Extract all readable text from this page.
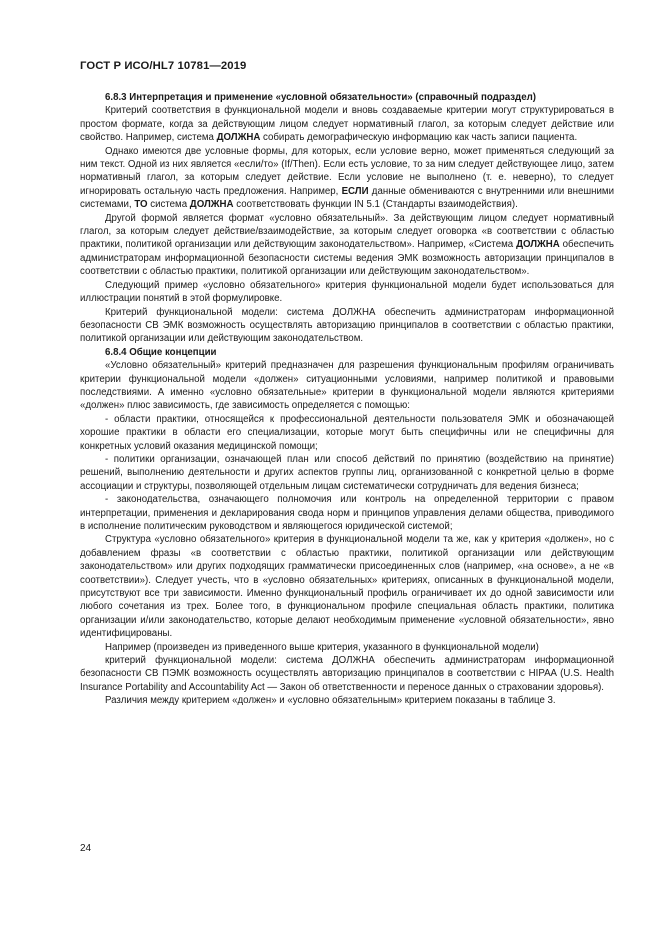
ГОСТ Р ИСО/HL7 10781—2019

6.8.3 Интерпретация и применение «условной обязательности» (справочный подраздел)

Критерий соответствия в функциональной модели и вновь создаваемые критерии могут структурироваться в простом формате, когда за действующим лицом следует нормативный глагол, за которым следует действие или свойство. Например, система ДОЛЖНА собирать демографическую информацию как часть записи пациента.

Однако имеются две условные формы, для которых, если условие верно, может применяться следующий за ним текст. Одной из них является «если/то» (If/Then). Если есть условие, то за ним следует действующее лицо, затем нормативный глагол, за которым следует действие. Если условие не выполнено (т. е. неверно), то следует игнорировать остальную часть предложения. Например, ЕСЛИ данные обмениваются с внутренними или внешними системами, ТО система ДОЛЖНА соответствовать функции IN 5.1 (Стандарты взаимодействия).

Другой формой является формат «условно обязательный». За действующим лицом следует нормативный глагол, за которым следует действие/взаимодействие, за которым следует оговорка «в соответствии с областью практики, политикой организации или действующим законодательством». Например, «Система ДОЛЖНА обеспечить администраторам информационной безопасности системы ведения ЭМК возможность авторизации принципалов в соответствии с областью практики, политикой организации или действующим законодательством».

Следующий пример «условно обязательного» критерия функциональной модели будет использоваться для иллюстрации понятий в этой формулировке.

Критерий функциональной модели: система ДОЛЖНА обеспечить администраторам информационной безопасности СВ ЭМК возможность осуществлять авторизацию принципалов в соответствии с областью практики, политикой организации или действующим законодательством.

6.8.4 Общие концепции

«Условно обязательный» критерий предназначен для разрешения функциональным профилям ограничивать критерии функциональной модели «должен» ситуационными условиями, например политикой и правовыми последствиями. А именно «условно обязательные» критерии в функциональной модели являются критериями «должен» плюс зависимость, где зависимость определяется с помощью:

- области практики, относящейся к профессиональной деятельности пользователя ЭМК и обозначающей хорошие практики в области его специализации, которые могут быть специфичны или не специфичны для конкретных условий оказания медицинской помощи;

- политики организации, означающей план или способ действий по принятию (воздействию на принятие) решений, выполнению деятельности и других аспектов группы лиц, организованной с конкретной целью в форме ассоциации и структуры, позволяющей отдельным лицам систематически сотрудничать для ведения бизнеса;

- законодательства, означающего полномочия или контроль на определенной территории с правом интерпретации, применения и декларирования свода норм и принципов управления делами общества, приводимого в исполнение политическим руководством и являющегося юридической системой;

Структура «условно обязательного» критерия в функциональной модели та же, как у критерия «должен», но с добавлением фразы «в соответствии с областью практики, политикой организации или действующим законодательством» или других подходящих грамматически присоединенных слов (например, «на основе», а не «в соответствии»). Следует учесть, что в «условно обязательных» критериях, описанных в функциональной модели, присутствуют все три зависимости. Именно функциональный профиль ограничивает их до одной зависимости или любого сочетания из трех. Более того, в функциональном профиле специальная область практики, политика организации и/или законодательство, которые делают необходимым применение «условной обязательности», явно идентифицированы.

Например (произведен из приведенного выше критерия, указанного в функциональной модели)

критерий функциональной модели: система ДОЛЖНА обеспечить администраторам информационной безопасности СВ ПЭМК возможность осуществлять авторизацию принципалов в соответствии с HIPAA (U.S. Health Insurance Portability and Accountability Act — Закон об ответственности и переносе данных о страховании здоровья).

Различия между критерием «должен» и «условно обязательным» критерием показаны в таблице 3.

24
